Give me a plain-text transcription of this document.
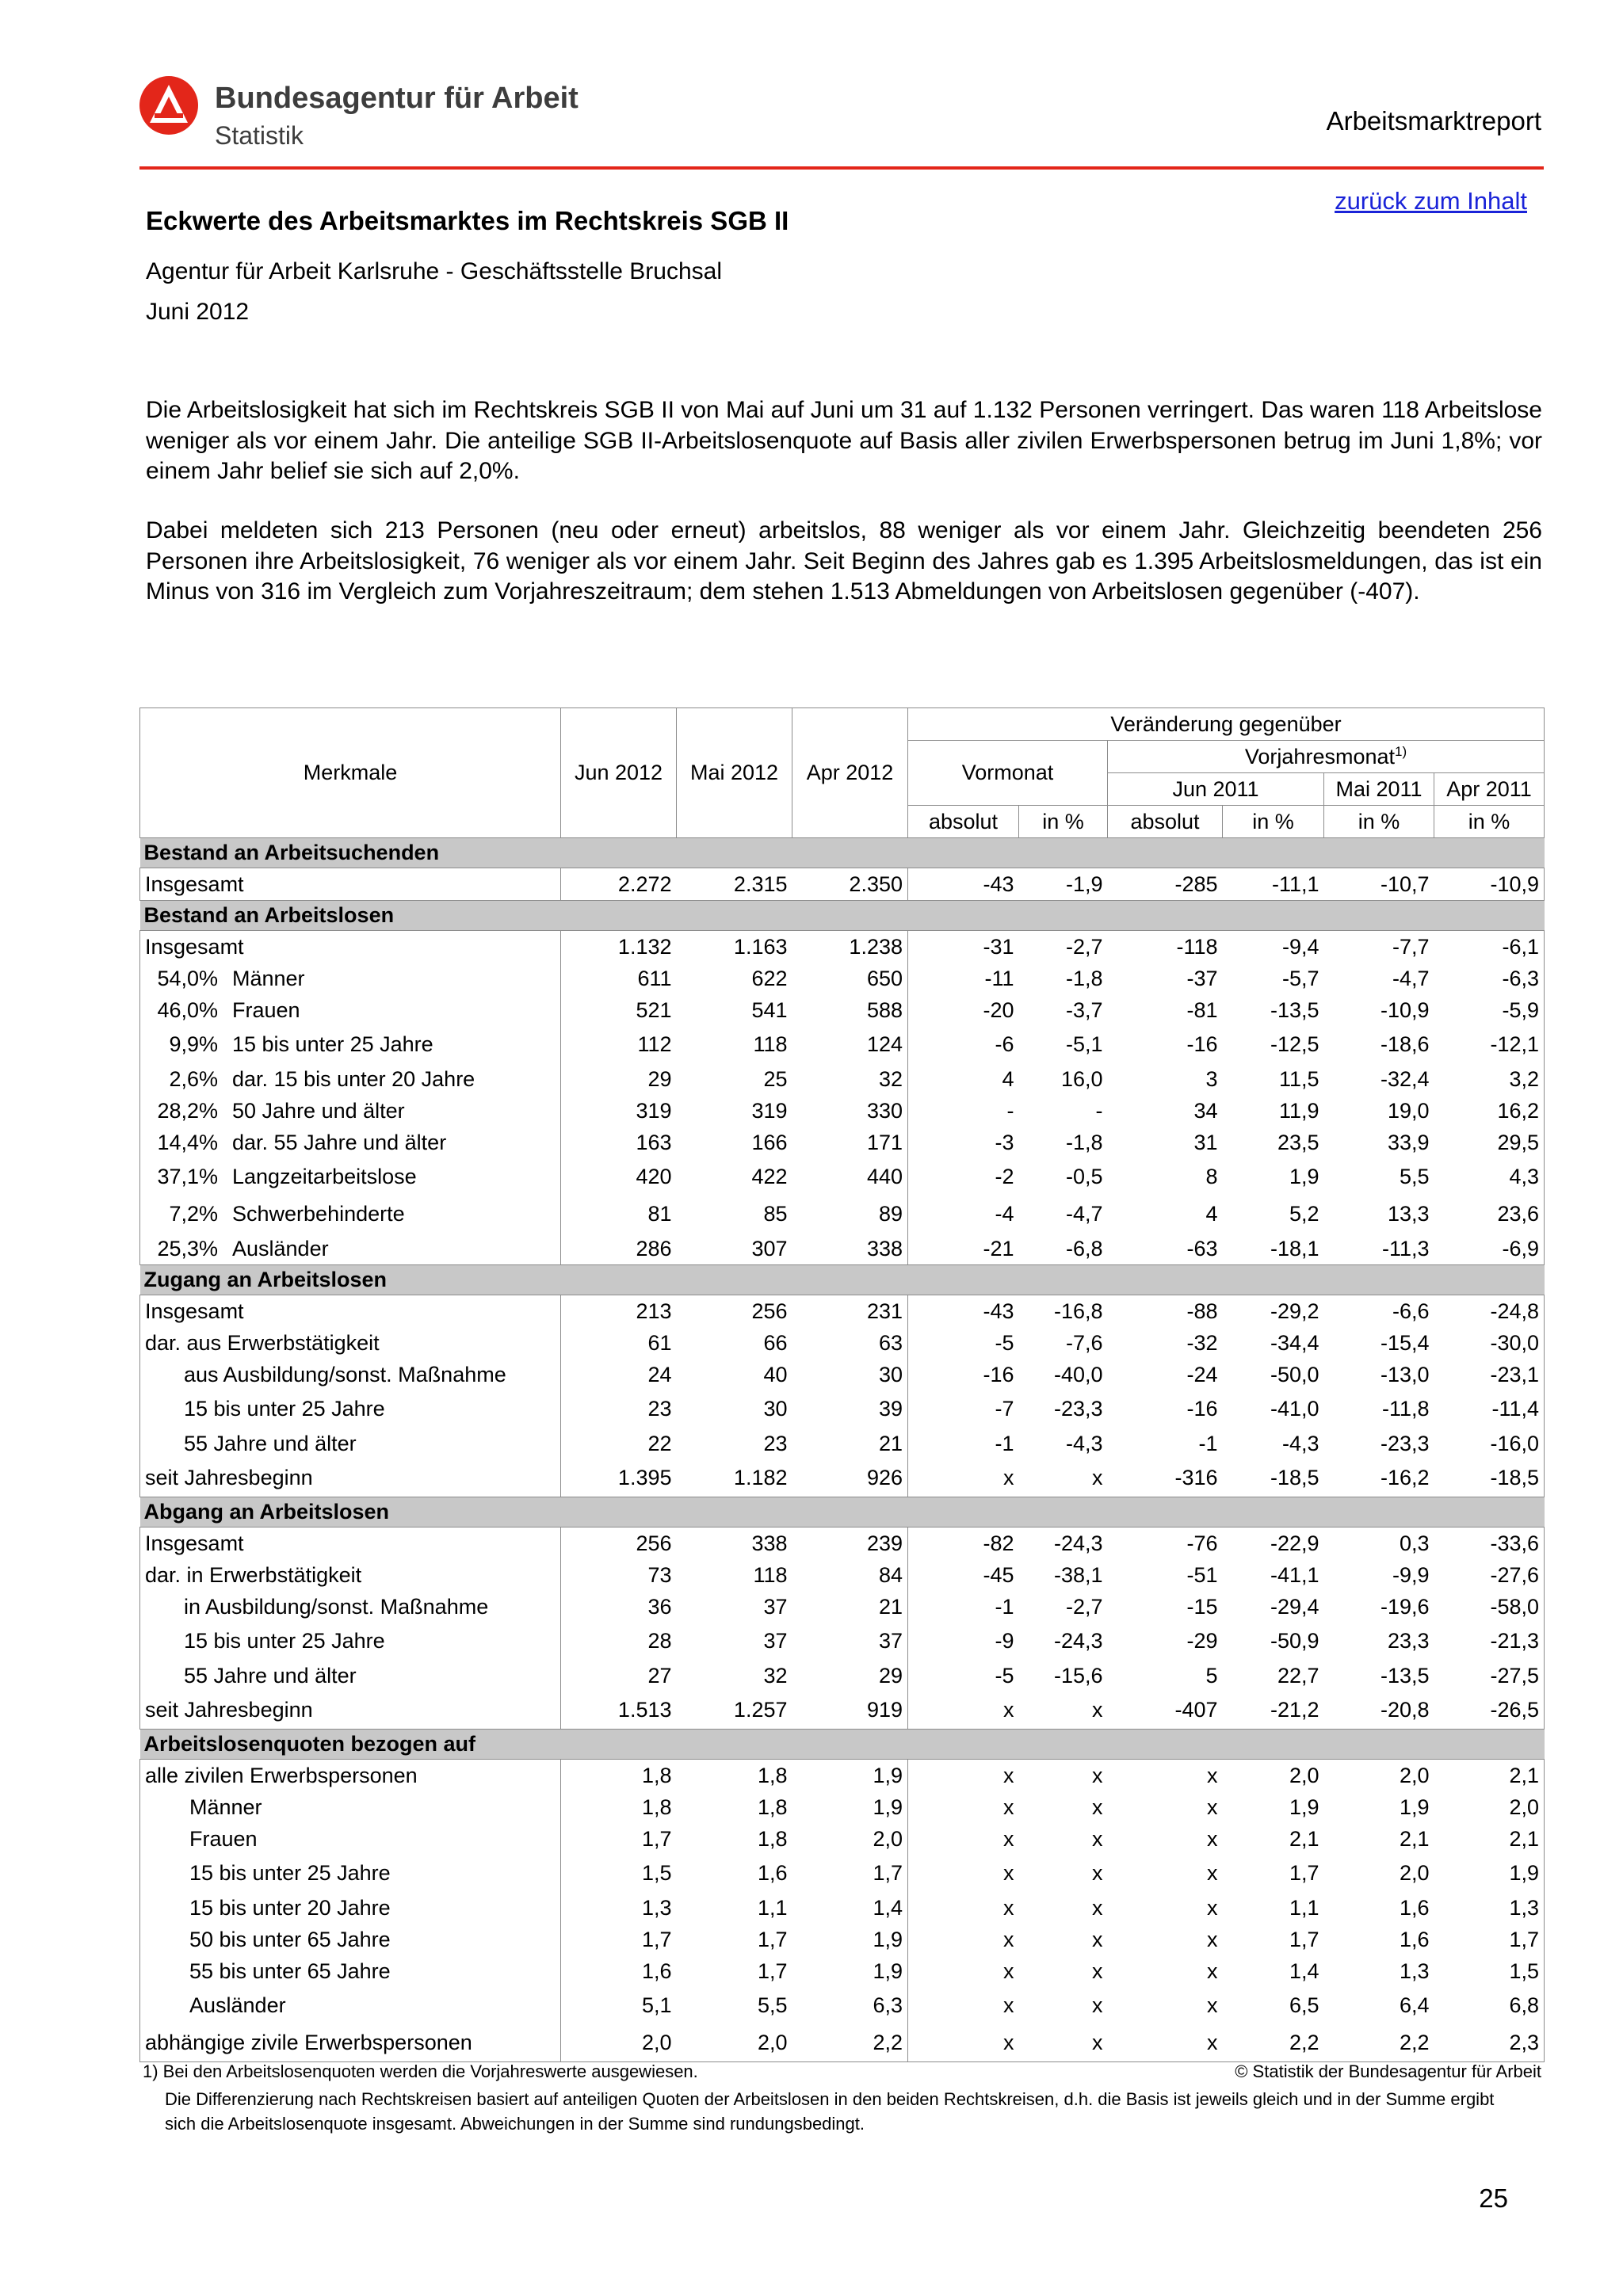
Bundesagentur für Arbeit
Statistik	Arbeitsmarktreport
zurück zum Inhalt
Eckwerte des Arbeitsmarktes im Rechtskreis SGB II
Agentur für Arbeit Karlsruhe - Geschäftsstelle Bruchsal
Juni 2012
Die Arbeitslosigkeit hat sich im Rechtskreis SGB II von Mai auf Juni um 31 auf 1.132 Personen verringert. Das waren 118 Arbeitslose weniger als vor einem Jahr. Die anteilige SGB II-Arbeitslosenquote auf Basis aller zivilen Erwerbspersonen betrug im Juni 1,8%; vor einem Jahr belief sie sich auf 2,0%.
Dabei meldeten sich 213 Personen (neu oder erneut) arbeitslos, 88 weniger als vor einem Jahr. Gleichzeitig beendeten 256 Personen ihre Arbeitslosigkeit, 76 weniger als vor einem Jahr. Seit Beginn des Jahres gab es 1.395 Arbeitslosmeldungen, das ist ein Minus von 316 im Vergleich zum Vorjahreszeitraum; dem stehen 1.513 Abmeldungen von Arbeitslosen gegenüber (-407).
Merkmale	Jun 2012	Mai 2012	Apr 2012	Veränderung gegenüber					
				Vormonat		Vorjahresmonat$^{1)}$
						Jun 2011		Mai 2011	Apr 2011
				absolut	in %	absolut	in %	in %	in %
Bestand an Arbeitsuchenden									
Insgesamt	2.272	2.315	2.350	-43	-1,9	-285	-11,1	-10,7	-10,9
Bestand an Arbeitslosen									
Insgesamt	1.132	1.163	1.238	-31	-2,7	-118	-9,4	-7,7	-6,1
54,0% Männer	611	622	650	-11	-1,8	-37	-5,7	-4,7	-6,3
46,0% Frauen	521	541	588	-20	-3,7	-81	-13,5	-10,9	-5,9
9,9% 15 bis unter 25 Jahre	112	118	124	-6	-5,1	-16	-12,5	-18,6	-12,1
2,6% dar. 15 bis unter 20 Jahre	29	25	32	4	16,0	3	11,5	-32,4	3,2
28,2% 50 Jahre und älter	319	319	330	-	-	34	11,9	19,0	16,2
14,4% dar. 55 Jahre und älter	163	166	171	-3	-1,8	31	23,5	33,9	29,5
37,1% Langzeitarbeitslose	420	422	440	-2	-0,5	8	1,9	5,5	4,3
7,2% Schwerbehinderte	81	85	89	-4	-4,7	4	5,2	13,3	23,6
25,3% Ausländer	286	307	338	-21	-6,8	-63	-18,1	-11,3	-6,9
Zugang an Arbeitslosen									
Insgesamt	213	256	231	-43	-16,8	-88	-29,2	-6,6	-24,8
dar. aus Erwerbstätigkeit	61	66	63	-5	-7,6	-32	-34,4	-15,4	-30,0
aus Ausbildung/sonst. Maßnahme	24	40	30	-16	-40,0	-24	-50,0	-13,0	-23,1
15 bis unter 25 Jahre	23	30	39	-7	-23,3	-16	-41,0	-11,8	-11,4
55 Jahre und älter	22	23	21	-1	-4,3	-1	-4,3	-23,3	-16,0
seit Jahresbeginn	1.395	1.182	926	x	x	-316	-18,5	-16,2	-18,5
Abgang an Arbeitslosen									
Insgesamt	256	338	239	-82	-24,3	-76	-22,9	0,3	-33,6
dar. in Erwerbstätigkeit	73	118	84	-45	-38,1	-51	-41,1	-9,9	-27,6
in Ausbildung/sonst. Maßnahme	36	37	21	-1	-2,7	-15	-29,4	-19,6	-58,0
15 bis unter 25 Jahre	28	37	37	-9	-24,3	-29	-50,9	23,3	-21,3
55 Jahre und älter	27	32	29	-5	-15,6	5	22,7	-13,5	-27,5
seit Jahresbeginn	1.513	1.257	919	x	x	-407	-21,2	-20,8	-26,5
Arbeitslosenquoten bezogen auf									
alle zivilen Erwerbspersonen	1,8	1,8	1,9	x	x	x	2,0	2,0	2,1
Männer	1,8	1,8	1,9	x	x	x	1,9	1,9	2,0
Frauen	1,7	1,8	2,0	x	x	x	2,1	2,1	2,1
15 bis unter 25 Jahre	1,5	1,6	1,7	x	x	x	1,7	2,0	1,9
15 bis unter 20 Jahre	1,3	1,1	1,4	x	x	x	1,1	1,6	1,3
50 bis unter 65 Jahre	1,7	1,7	1,9	x	x	x	1,7	1,6	1,7
55 bis unter 65 Jahre	1,6	1,7	1,9	x	x	x	1,4	1,3	1,5
Ausländer	5,1	5,5	6,3	x	x	x	6,5	6,4	6,8
abhängige zivile Erwerbspersonen	2,0	2,0	2,2	x	x	x	2,2	2,2	2,3
1) Bei den Arbeitslosenquoten werden die Vorjahreswerte ausgewiesen.	© Statistik der Bundesagentur für Arbeit
Die Differenzierung nach Rechtskreisen basiert auf anteiligen Quoten der Arbeitslosen in den beiden Rechtskreisen, d.h. die Basis ist jeweils gleich und in der Summe ergibt sich die Arbeitslosenquote insgesamt. Abweichungen in der Summe sind rundungsbedingt.
25
